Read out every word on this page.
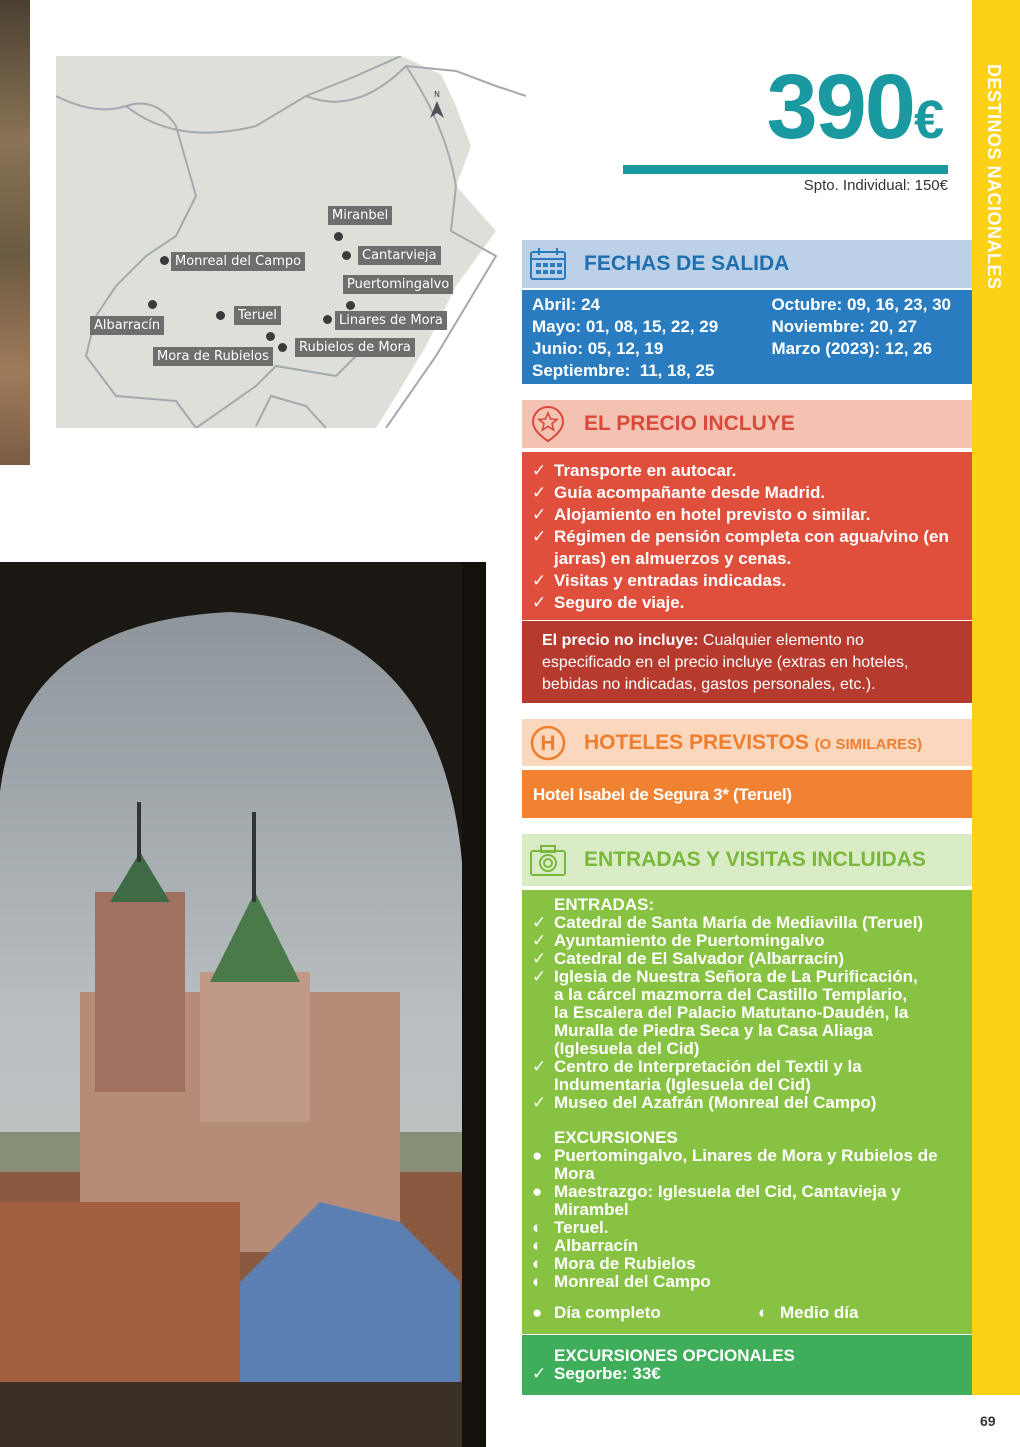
N
Miranbel
Cantarvieja
Monreal del Campo
Puertomingalvo
Teruel	Linares de Mora
Albarracín
Rubielos de Mora
Mora de Rubielos
390€
Spto. Individual: 150€ DESTINOS NACIONALES
69
FECHAS DE SALIDA
Abril: 24
Mayo: 01, 08, 15, 22, 29
Junio: 05, 12, 19
Septiembre:  11, 18, 25
Octubre: 09, 16, 23, 30
Noviembre: 20, 27
Marzo (2023): 12, 26
EL PRECIO INCLUYE
✓ Transporte en autocar.
✓ Guía acompañante desde Madrid.
✓ Alojamiento en hotel previsto o similar.
✓ Régimen de pensión completa con agua/vino (en jarras) en almuerzos y cenas.
✓ Visitas y entradas indicadas.
✓ Seguro de viaje.
El precio no incluye: Cualquier elemento no especificado en el precio incluye (extras en hoteles, bebidas no indicadas, gastos personales, etc.).
H HOTELES PREVISTOS (O SIMILARES)
Hotel Isabel de Segura 3* (Teruel)
ENTRADAS Y VISITAS INCLUIDAS
ENTRADAS:
✓ Catedral de Santa María de Mediavilla (Teruel)
✓ Ayuntamiento de Puertomingalvo
✓ Catedral de El Salvador (Albarracín)
✓ Iglesia de Nuestra Señora de La Purificación, a la cárcel mazmorra del Castillo Templario, la Escalera del Palacio Matutano-Daudén, la Muralla de Piedra Seca y la Casa Aliaga (Iglesuela del Cid)
✓ Centro de Interpretación del Textil y la Indumentaria (Iglesuela del Cid)
✓ Museo del Azafrán (Monreal del Campo)
EXCURSIONES
● Puertomingalvo, Linares de Mora y Rubielos de Mora
● Maestrazgo: Iglesuela del Cid, Cantavieja y Mirambel
◐ Teruel.
◐ Albarracín
◐ Mora de Rubielos
◐ Monreal del Campo
● Día completo	◐ Medio día
EXCURSIONES OPCIONALES
✓ Segorbe: 33€
